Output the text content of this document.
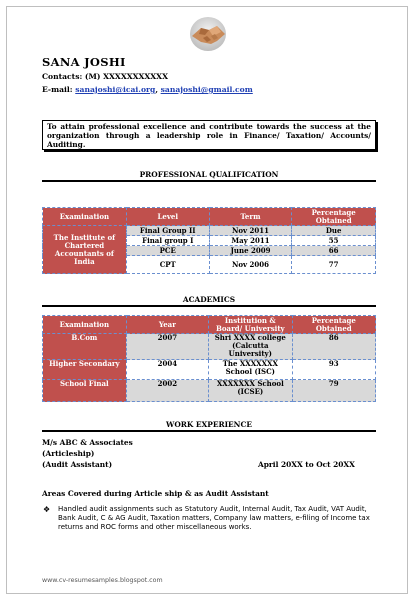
SANA JOSHI
Contacts: (M) XXXXXXXXXXX
E-mail: sanajoshi@icai.org, sanajoshi@gmail.com
To attain professional excellence and contribute towards the success at the organization through a leadership role in Finance/ Taxation/ Accounts/ Auditing.
PROFESSIONAL QUALIFICATION
Examination	Level	Term	Percentage Obtained
The Institute of Chartered Accountants of India	Final Group II	Nov 2011	Due
	Final group I	May 2011	55
	PCE	June 2009	66
	CPT	Nov 2006	77
ACADEMICS
Examination	Year	Institution & Board/ University	Percentage Obtained
B.Com	2007	Shri XXXX college (Calcutta University)	86
Higher Secondary	2004	The XXXXXXX School (ISC)	93
School Final	2002	XXXXXXX School (ICSE)	79
WORK EXPERIENCE
M/s ABC & Associates
(Articleship)
(Audit Assistant)	April 20XX to Oct 20XX
Areas Covered during Article ship & as Audit Assistant
❖ Handled audit assignments such as Statutory Audit, Internal Audit, Tax Audit, VAT Audit, Bank Audit, C & AG Audit, Taxation matters, Company law matters, e-filing of Income tax returns and ROC forms and other miscellaneous works.
www.cv-resumesamples.blogspot.com
